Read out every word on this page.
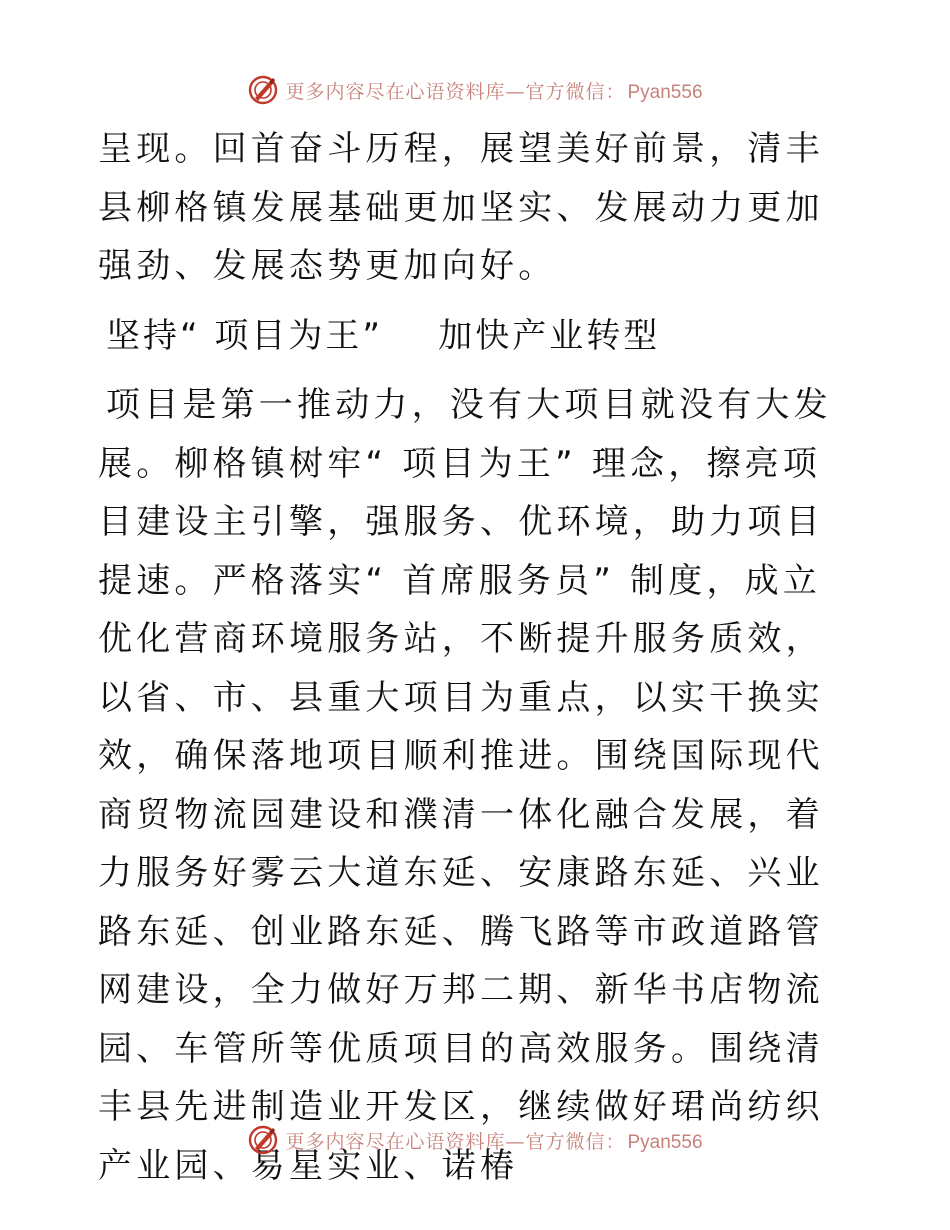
更多内容尽在心语资料库—官方微信： Pyan556

呈现。回首奋斗历程，展望美好前景，清丰县柳格镇发展基础更加坚实、发展动力更加强劲、发展态势更加向好。

坚持“ 项目为王”    加快产业转型

项目是第一推动力，没有大项目就没有大发展。柳格镇树牢“ 项目为王” 理念，擦亮项目建设主引擎，强服务、优环境，助力项目提速。严格落实“ 首席服务员” 制度，成立优化营商环境服务站，不断提升服务质效，以省、市、县重大项目为重点，以实干换实效，确保落地项目顺利推进。围绕国际现代商贸物流园建设和濮清一体化融合发展，着力服务好雾云大道东延、安康路东延、兴业路东延、创业路东延、腾飞路等市政道路管网建设，全力做好万邦二期、新华书店物流园、车管所等优质项目的高效服务。围绕清丰县先进制造业开发区，继续做好珺尚纺织产业园、易星实业、诺椿

更多内容尽在心语资料库—官方微信： Pyan556
